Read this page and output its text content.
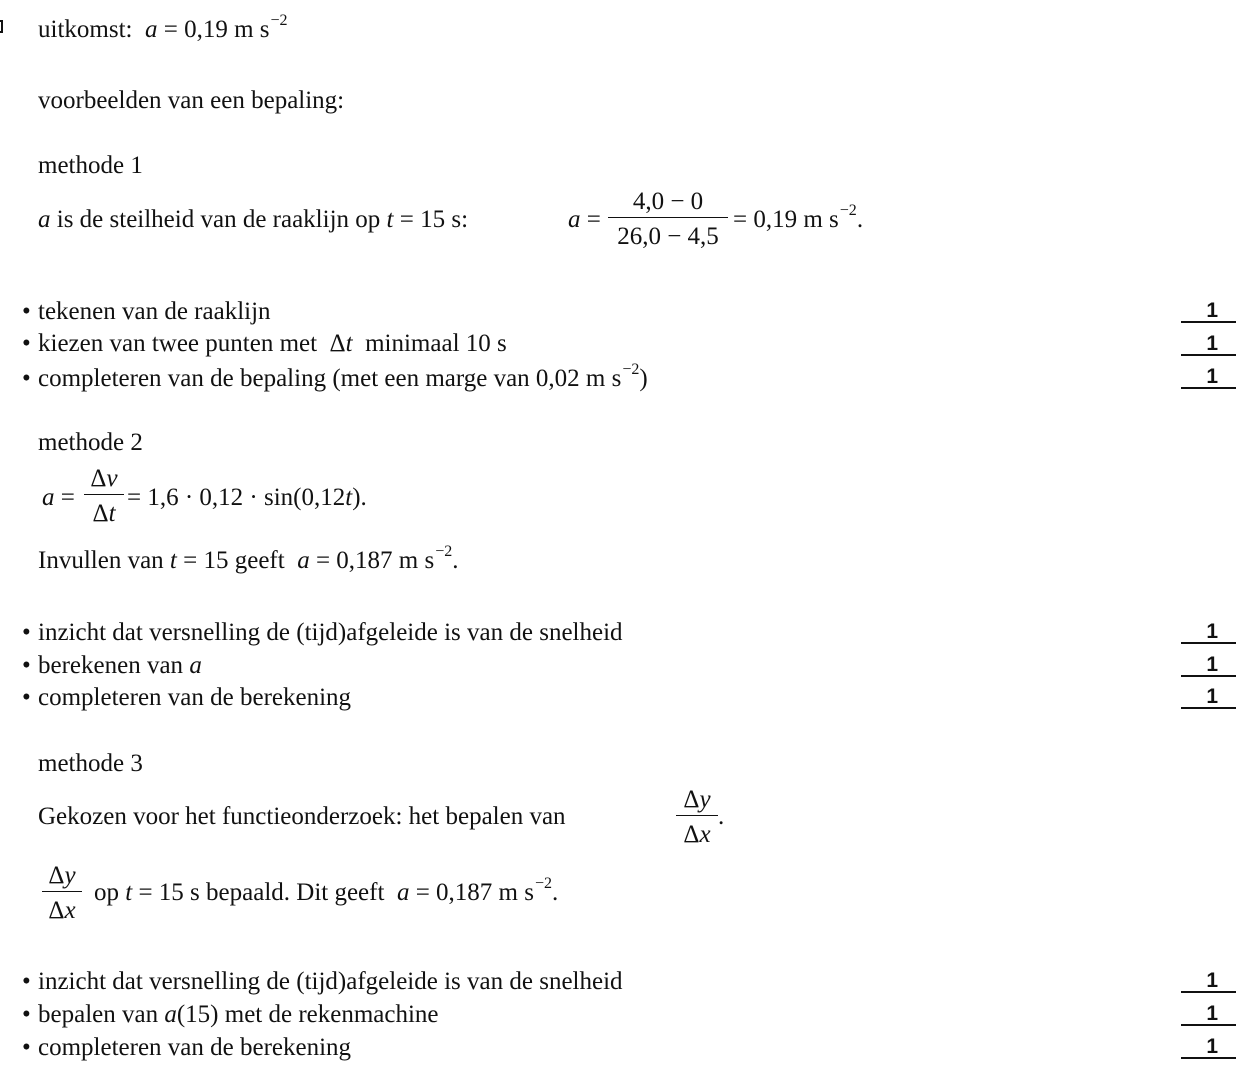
uitkomst: a = 0,19 m $s^{-2}$
voorbeelden van een bepaling:
methode 1
a is de steilheid van de raaklijn op t = 15 s:	a =
4,0 − 0
26,0 − 4,5
= 0,19 m $s^{-2}$.
• tekenen van de raaklijn	1
• kiezen van twee punten met  Δt  minimaal 10 s	1
• completeren van de bepaling (met een marge van 0,02 m $s^{-2}$)	1
methode 2
a =
Δv
Δt
= 1,6 · 0,12 · sin(0,12t).
Invullen van t = 15 geeft a = 0,187 m $s^{-2}$.
• inzicht dat versnelling de (tijd)afgeleide is van de snelheid	1
• berekenen van a	1
• completeren van de berekening	1
methode 3
Gekozen voor het functieonderzoek: het bepalen van
Δy
Δx
.
Δy
Δx
op t = 15 s bepaald. Dit geeft a = 0,187 m $s^{-2}$.
• inzicht dat versnelling de (tijd)afgeleide is van de snelheid	1
• bepalen van a(15) met de rekenmachine	1
• completeren van de berekening	1
